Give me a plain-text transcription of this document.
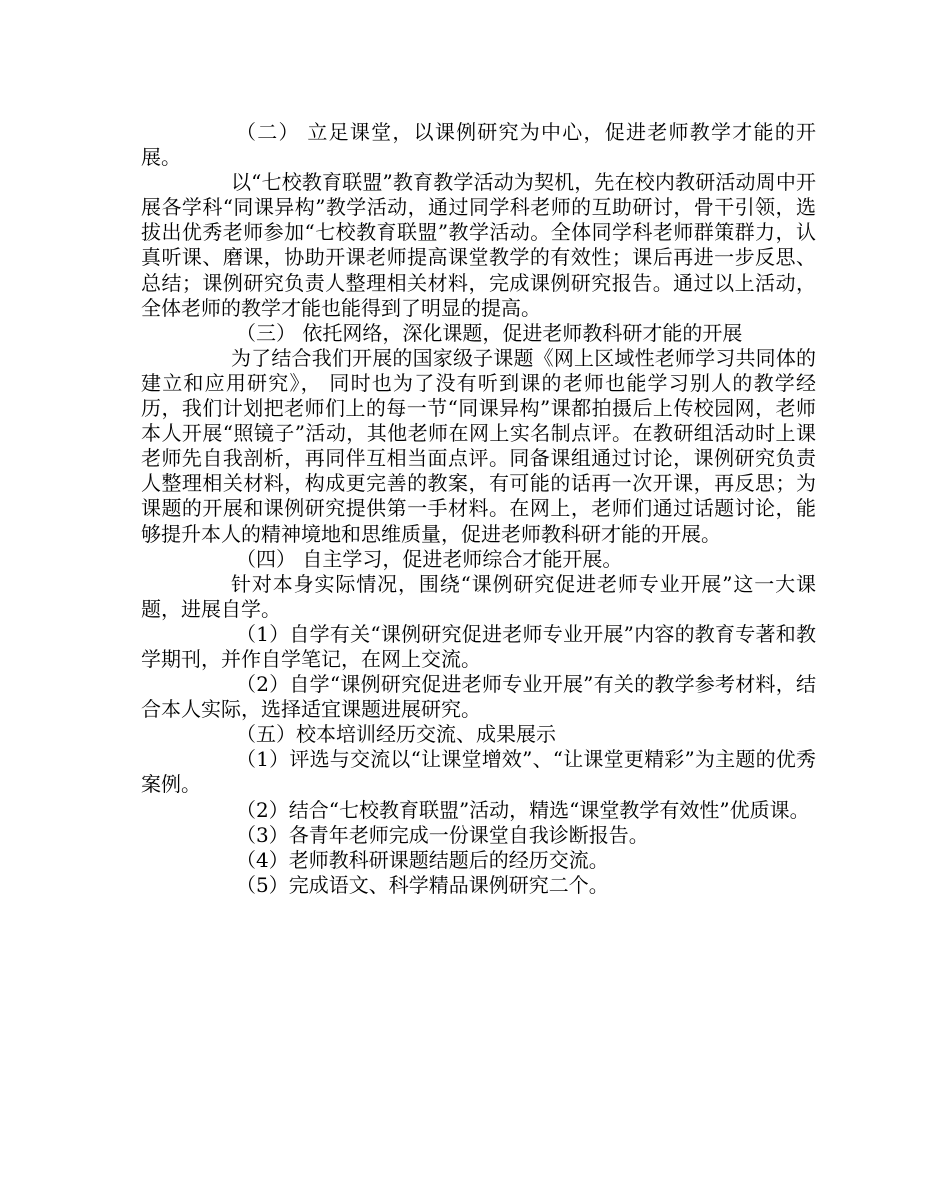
（二） 立足课堂，以课例研究为中心，促进老师教学才能的开展。

以“七校教育联盟”教育教学活动为契机，先在校内教研活动周中开展各学科“同课异构”教学活动，通过同学科老师的互助研讨，骨干引领，选拔出优秀老师参加“七校教育联盟”教学活动。全体同学科老师群策群力，认真听课、磨课，协助开课老师提高课堂教学的有效性；课后再进一步反思、总结；课例研究负责人整理相关材料，完成课例研究报告。通过以上活动，全体老师的教学才能也能得到了明显的提高。

（三） 依托网络，深化课题，促进老师教科研才能的开展

为了结合我们开展的国家级子课题《网上区域性老师学习共同体的建立和应用研究》， 同时也为了没有听到课的老师也能学习别人的教学经历，我们计划把老师们上的每一节“同课异构”课都拍摄后上传校园网，老师本人开展“照镜子”活动，其他老师在网上实名制点评。在教研组活动时上课老师先自我剖析，再同伴互相当面点评。同备课组通过讨论，课例研究负责人整理相关材料，构成更完善的教案，有可能的话再一次开课，再反思；为课题的开展和课例研究提供第一手材料。在网上，老师们通过话题讨论，能够提升本人的精神境地和思维质量，促进老师教科研才能的开展。

（四） 自主学习，促进老师综合才能开展。

针对本身实际情况，围绕“课例研究促进老师专业开展”这一大课题，进展自学。

（1）自学有关“课例研究促进老师专业开展”内容的教育专著和教学期刊，并作自学笔记，在网上交流。

（2）自学“课例研究促进老师专业开展”有关的教学参考材料，结合本人实际，选择适宜课题进展研究。

（五）校本培训经历交流、成果展示

（1）评选与交流以“让课堂增效”、“让课堂更精彩”为主题的优秀案例。

（2）结合“七校教育联盟”活动，精选“课堂教学有效性”优质课。

（3）各青年老师完成一份课堂自我诊断报告。

（4）老师教科研课题结题后的经历交流。

（5）完成语文、科学精品课例研究二个。
